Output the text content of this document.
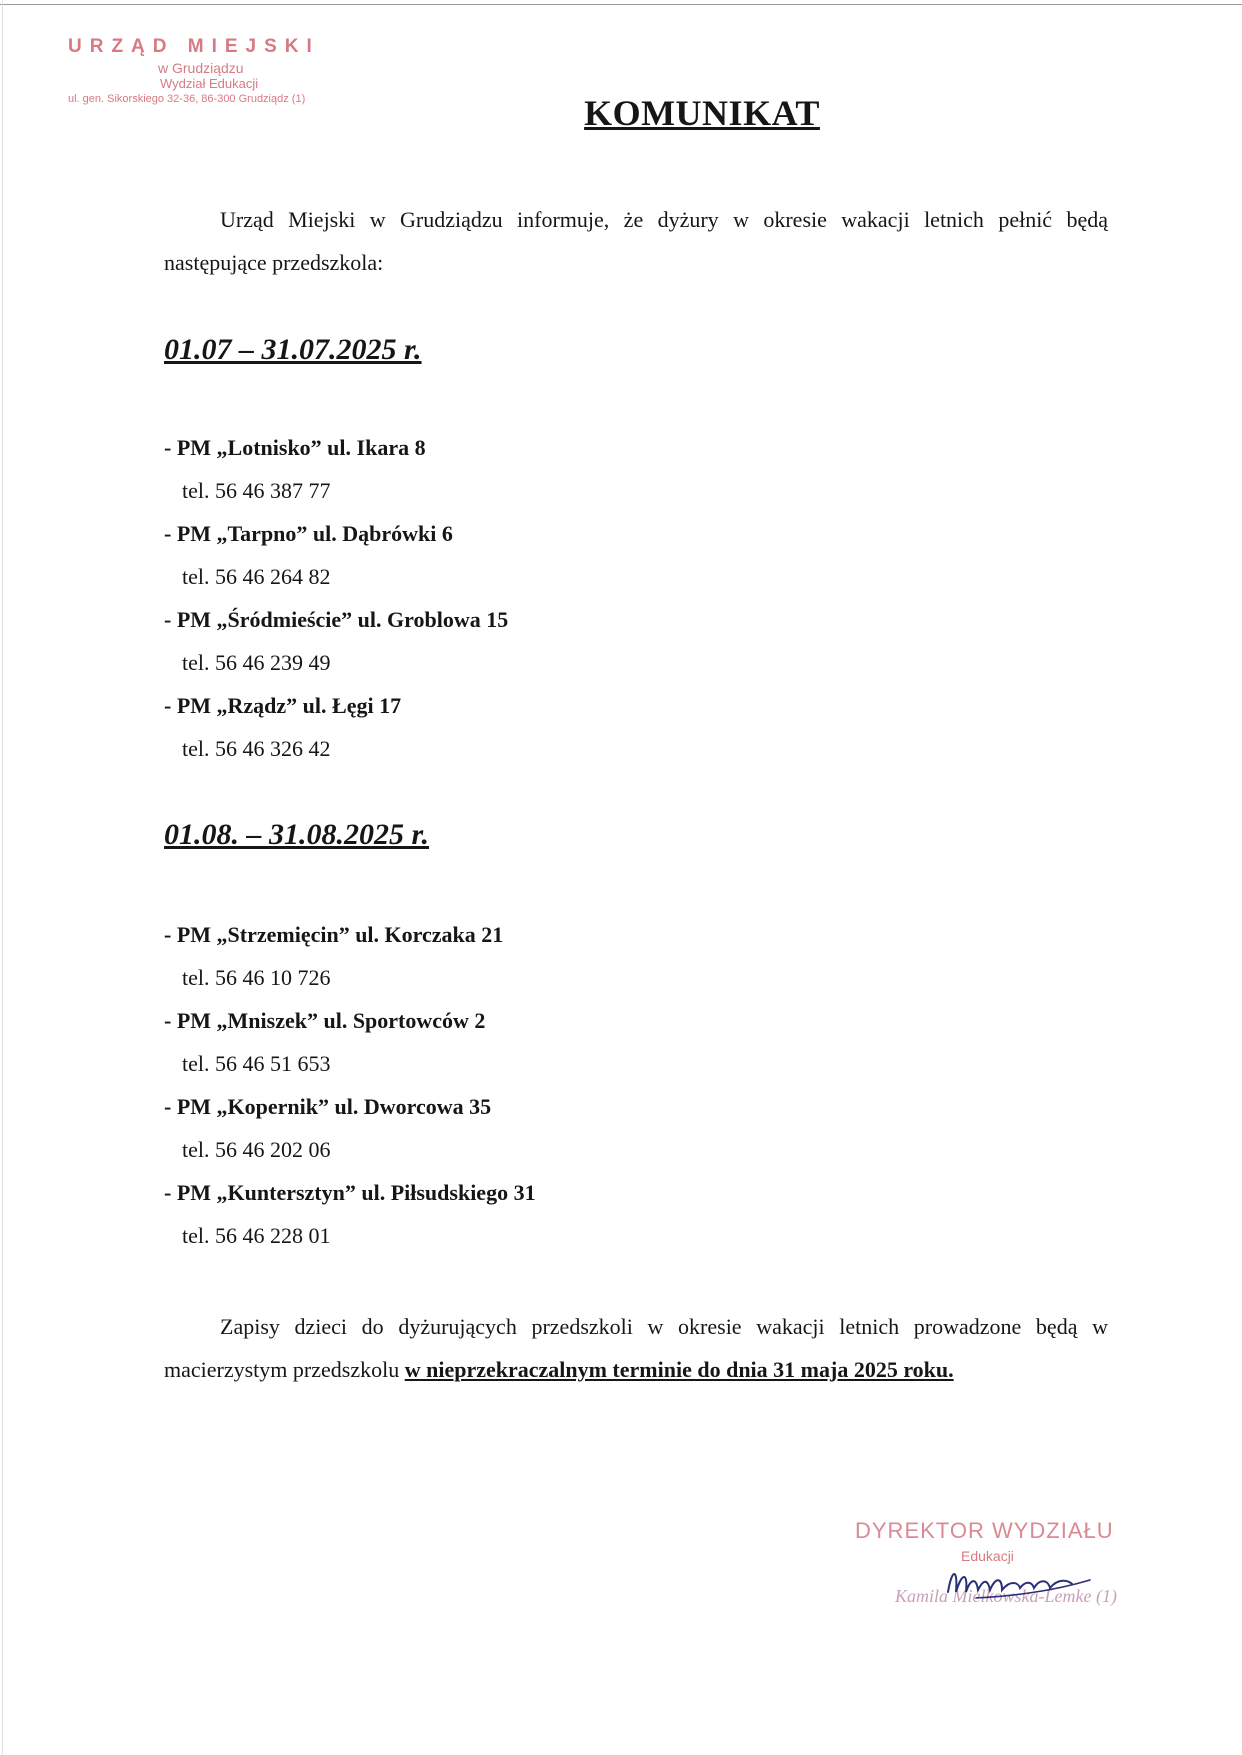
URZĄD MIEJSKI
w Grudziądzu
Wydział Edukacji
ul. gen. Sikorskiego 32-36, 86-300 Grudziądz (1)	KOMUNIKAT
Urząd Miejski w Grudziądzu informuje, że dyżury w okresie wakacji letnich pełnić będą następujące przedszkola:
01.07 – 31.07.2025 r.
- PM „Lotnisko” ul. Ikara 8
tel. 56 46 387 77
- PM „Tarpno” ul. Dąbrówki 6
tel. 56 46 264 82
- PM „Śródmieście” ul. Groblowa 15
tel. 56 46 239 49
- PM „Rządz” ul. Łęgi 17
tel. 56 46 326 42
01.08. – 31.08.2025 r.
- PM „Strzemięcin” ul. Korczaka 21
tel. 56 46 10 726
- PM „Mniszek” ul. Sportowców 2
tel. 56 46 51 653
- PM „Kopernik” ul. Dworcowa 35
tel. 56 46 202 06
- PM „Kuntersztyn” ul. Piłsudskiego 31
tel. 56 46 228 01
Zapisy dzieci do dyżurujących przedszkoli w okresie wakacji letnich prowadzone będą w macierzystym przedszkolu w nieprzekraczalnym terminie do dnia 31 maja 2025 roku.
DYREKTOR WYDZIAŁU
Edukacji
Kamila Mielkowska-Lemke (1)
